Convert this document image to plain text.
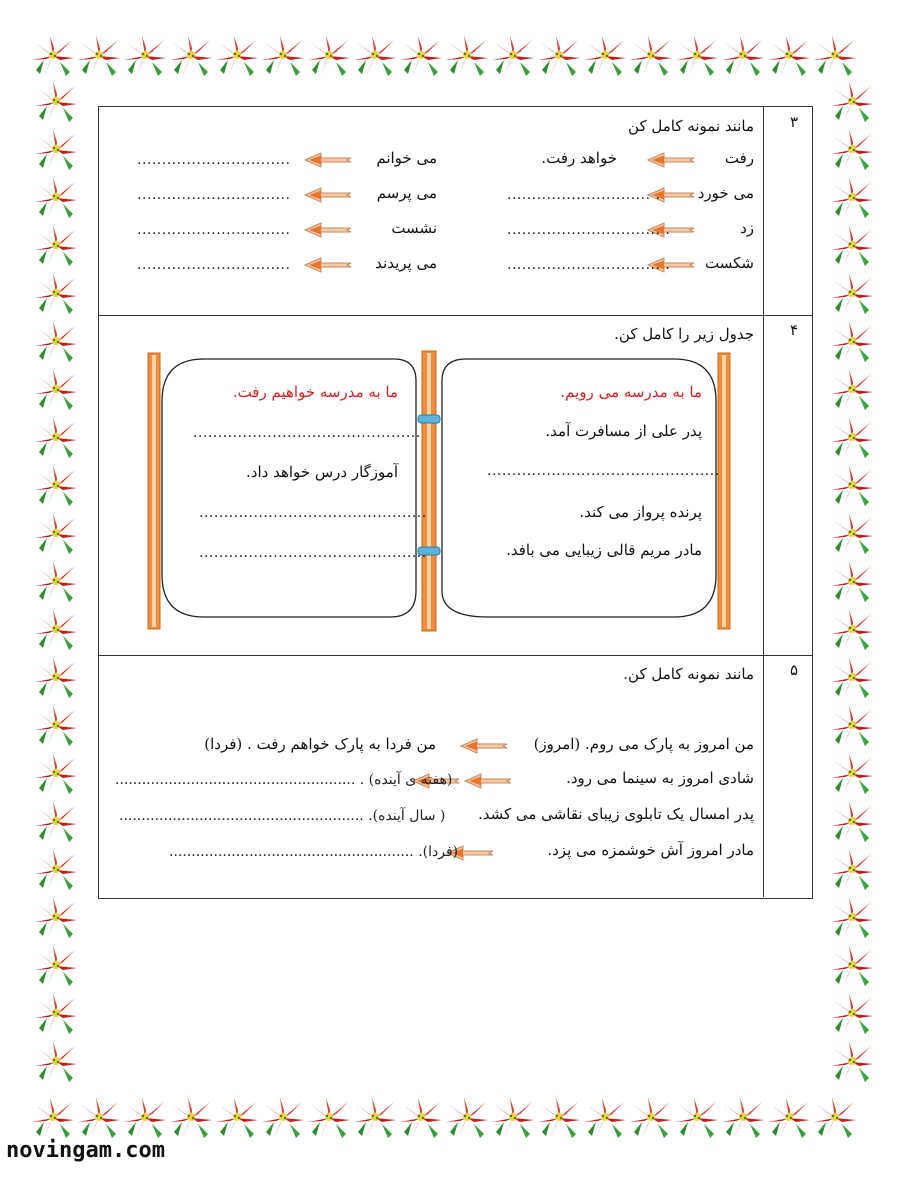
۳
مانند نمونه کامل کن
رفت
خواهد رفت.
می خورد
............................. .
زد
............................... .
شکست
............................... .
می خوانم
...............................
می پرسم
...............................
نشست
...............................
می پریدند
...............................
۴
جدول زیر را کامل کن.
ما به مدرسه می رویم.
پدر علی از مسافرت آمد.
...............................................
پرنده پرواز می کند.
مادر مریم قالی زیبایی می بافد.
ما به مدرسه خواهیم رفت.
..............................................
آموزگار درس خواهد داد.
..............................................
..............................................
۵
مانند نمونه کامل کن.
من امروز به پارک می روم. (امروز)
من فردا به پارک خواهم رفت . (فردا)
شادی امروز به سینما می رود.
...................................................... . (هفته ی آینده)
پدر امسال یک تابلوی زیبای نقاشی می کشد.
....................................................... .(سال آینده )
مادر امروز آش خوشمزه می پزد.
....................................................... .(فردا)
novingam.com
